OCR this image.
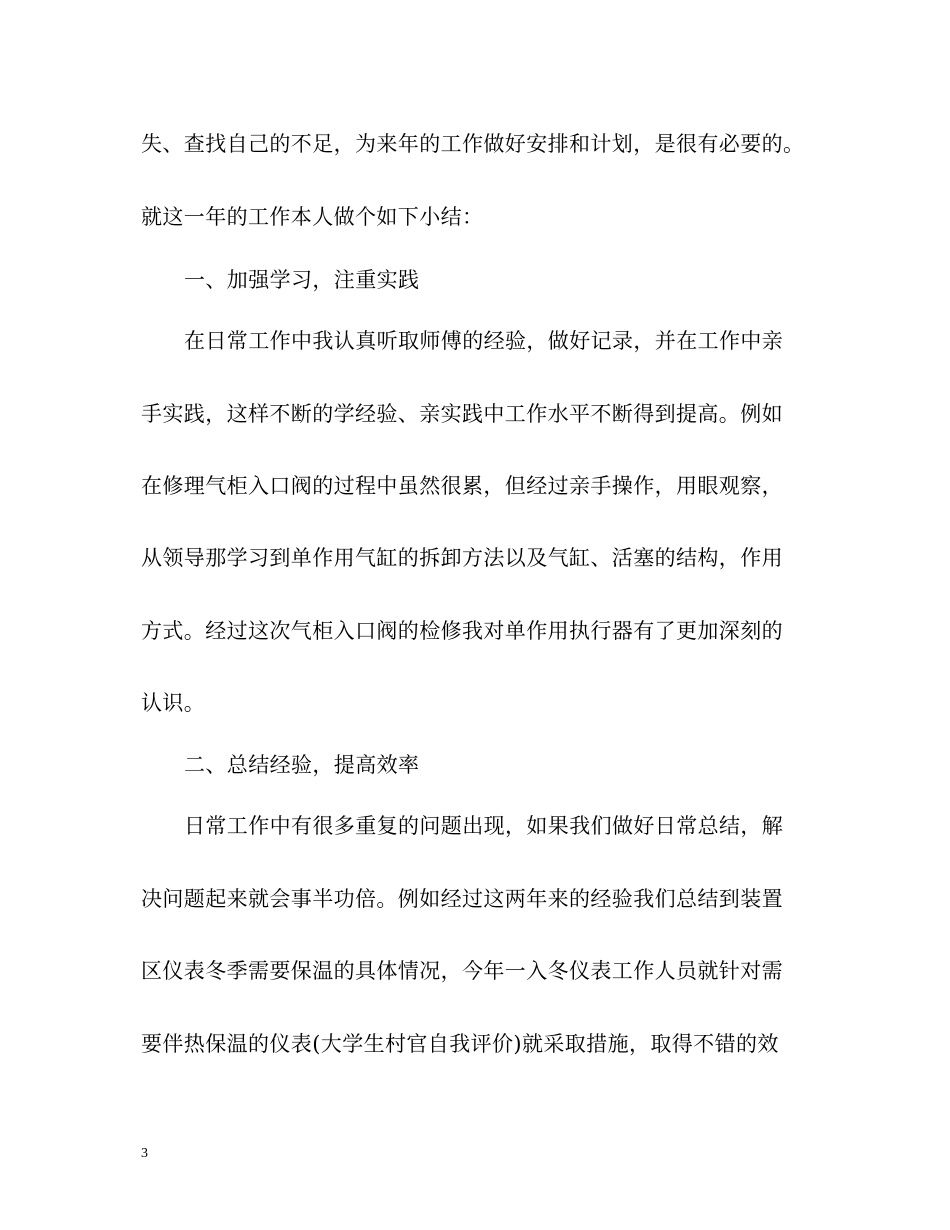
失、查找自己的不足，为来年的工作做好安排和计划，是很有必要的。
就这一年的工作本人做个如下小结：
一、加强学习，注重实践
在日常工作中我认真听取师傅的经验，做好记录，并在工作中亲
手实践，这样不断的学经验、亲实践中工作水平不断得到提高。例如
在修理气柜入口阀的过程中虽然很累，但经过亲手操作，用眼观察，
从领导那学习到单作用气缸的拆卸方法以及气缸、活塞的结构，作用
方式。经过这次气柜入口阀的检修我对单作用执行器有了更加深刻的
认识。
二、总结经验，提高效率
日常工作中有很多重复的问题出现，如果我们做好日常总结，解
决问题起来就会事半功倍。例如经过这两年来的经验我们总结到装置
区仪表冬季需要保温的具体情况，今年一入冬仪表工作人员就针对需
要伴热保温的仪表(大学生村官自我评价)就采取措施，取得不错的效
3
